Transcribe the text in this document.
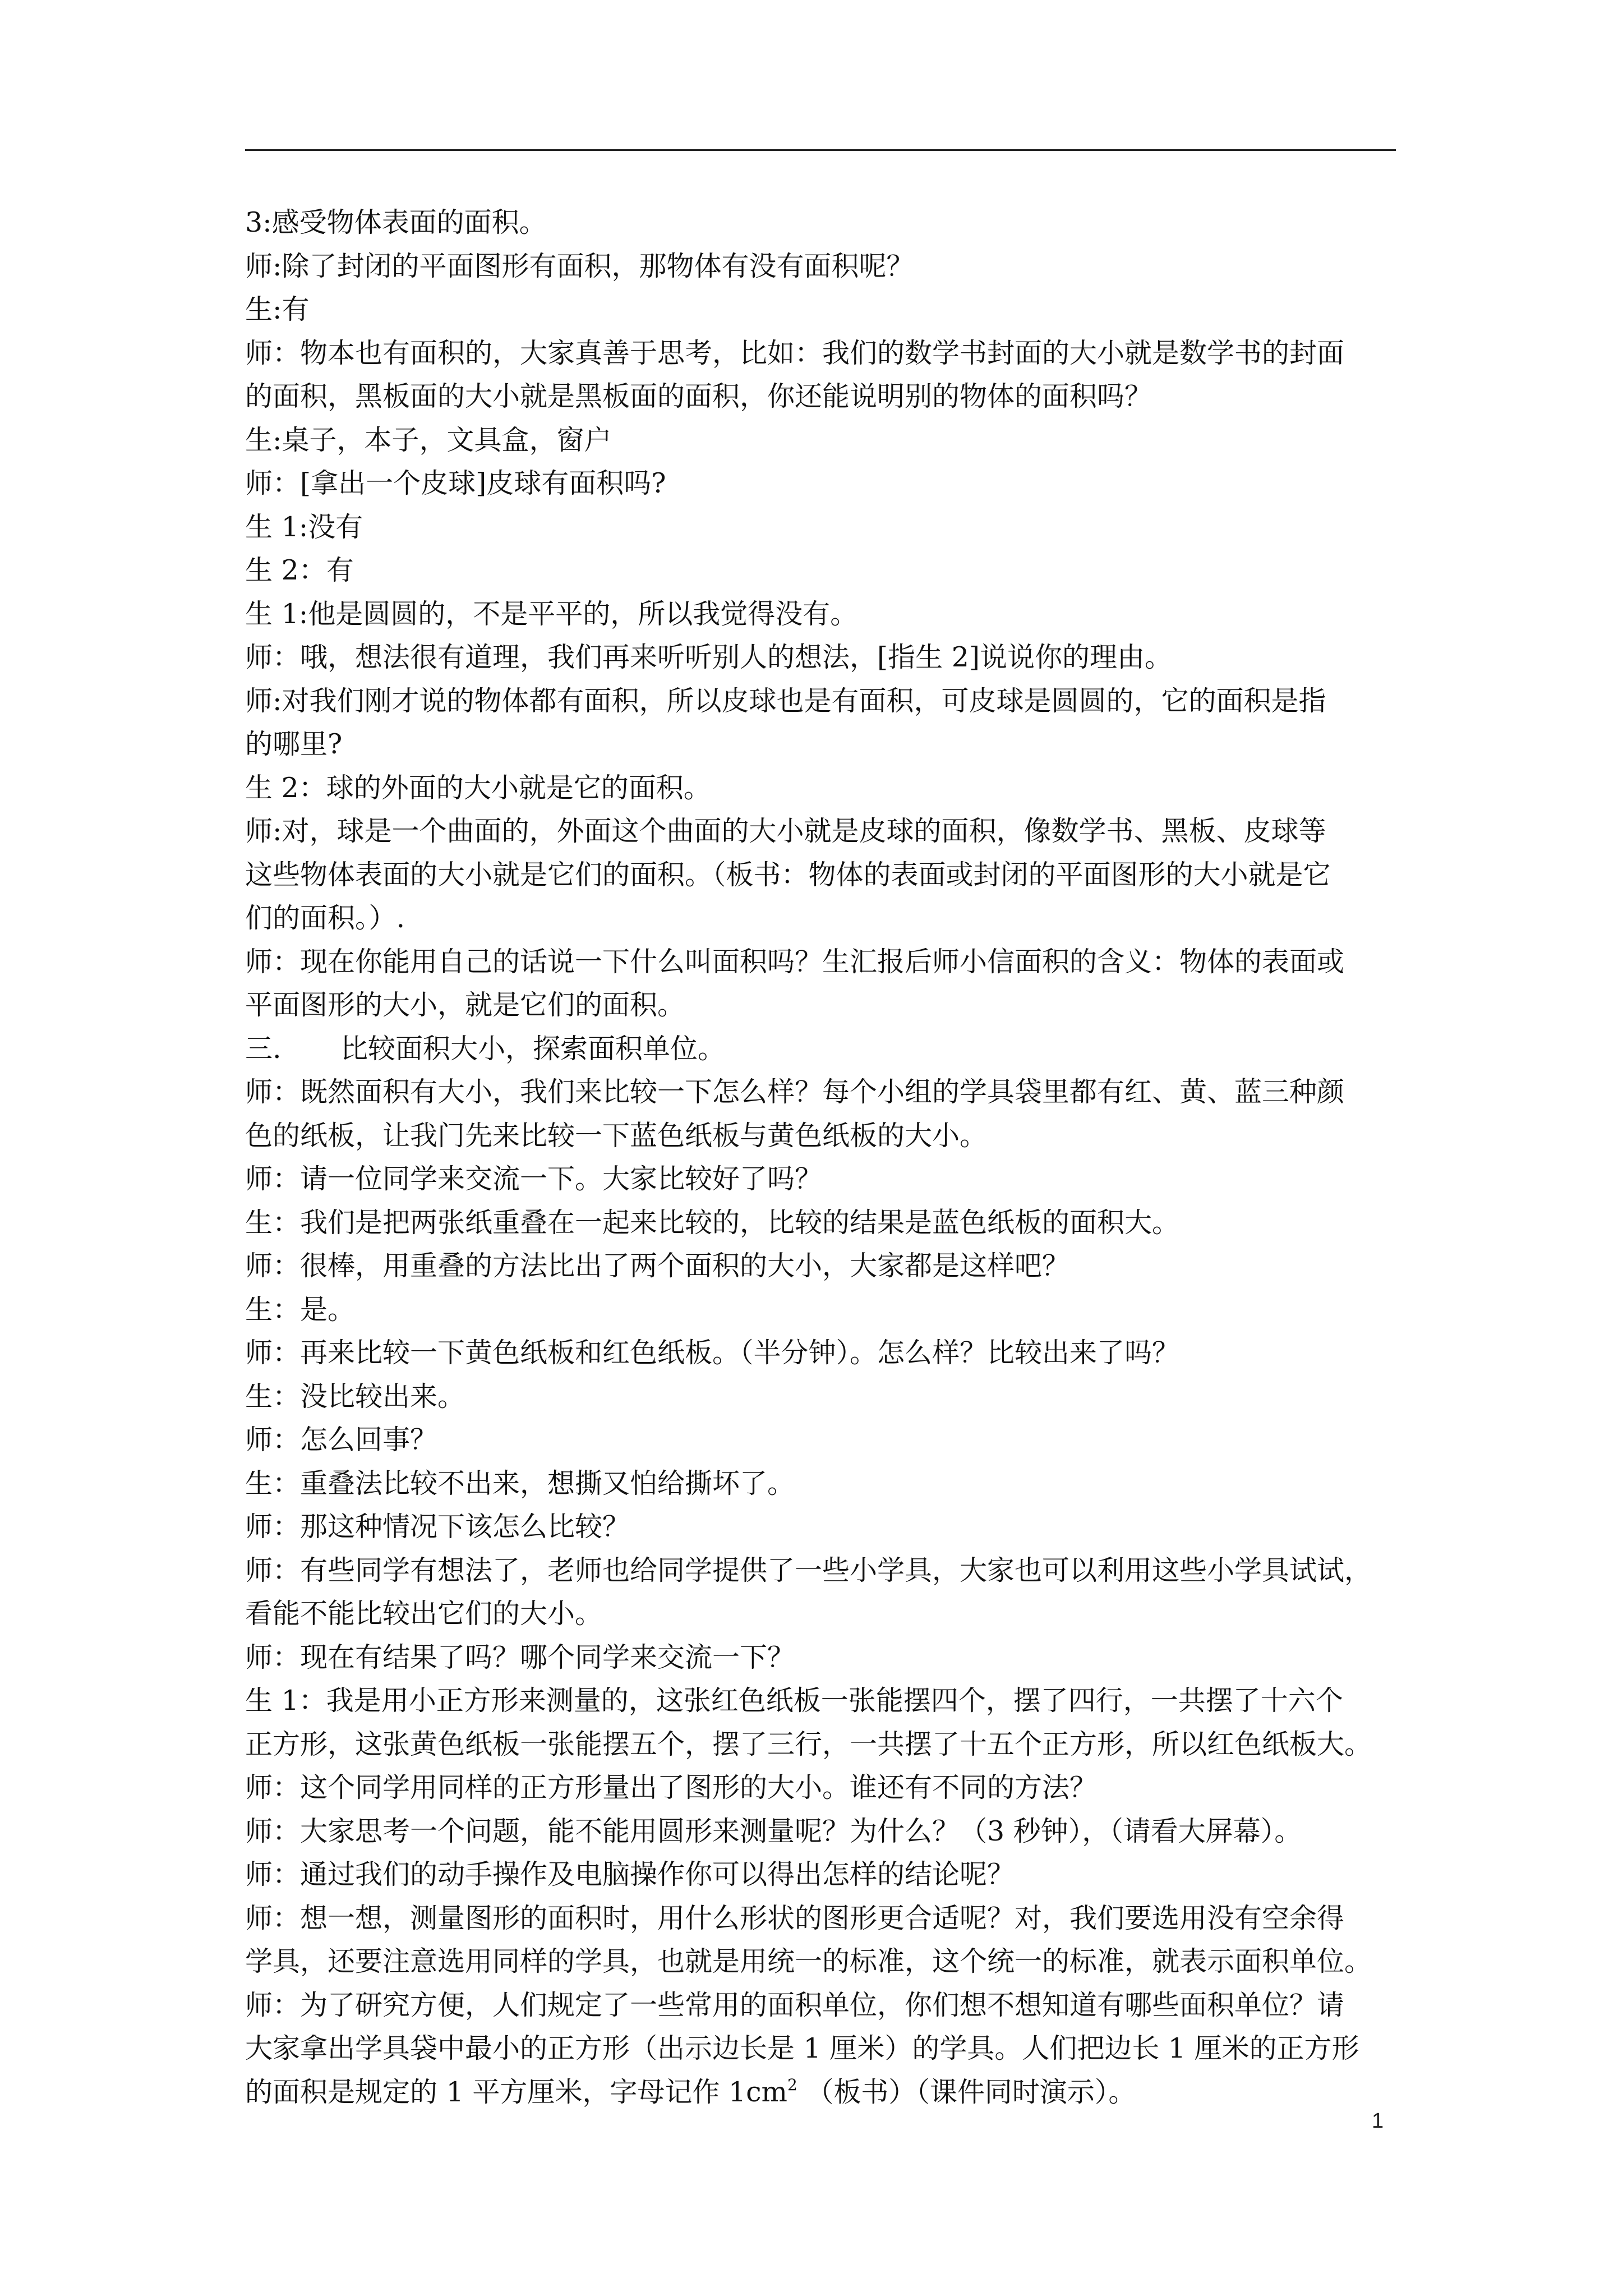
3:感受物体表面的面积。
师:除了封闭的平面图形有面积，那物体有没有面积呢？
生:有
师：物本也有面积的，大家真善于思考，比如：我们的数学书封面的大小就是数学书的封面
的面积，黑板面的大小就是黑板面的面积，你还能说明别的物体的面积吗？
生:桌子，本子，文具盒，窗户
师：[拿出一个皮球]皮球有面积吗?
生 1:没有
生 2：有
生 1:他是圆圆的，不是平平的，所以我觉得没有。
师：哦，想法很有道理，我们再来听听别人的想法，[指生 2]说说你的理由。
师:对我们刚才说的物体都有面积，所以皮球也是有面积，可皮球是圆圆的，它的面积是指
的哪里?
生 2：球的外面的大小就是它的面积。
师:对，球是一个曲面的，外面这个曲面的大小就是皮球的面积，像数学书、黑板、皮球等
这些物体表面的大小就是它们的面积。（板书：物体的表面或封闭的平面图形的大小就是它
们的面积。）.
师：现在你能用自己的话说一下什么叫面积吗？生汇报后师小信面积的含义：物体的表面或
平面图形的大小，就是它们的面积。
三. 比较面积大小，探索面积单位。
师：既然面积有大小，我们来比较一下怎么样？每个小组的学具袋里都有红、黄、蓝三种颜
色的纸板，让我门先来比较一下蓝色纸板与黄色纸板的大小。
师：请一位同学来交流一下。大家比较好了吗？
生：我们是把两张纸重叠在一起来比较的，比较的结果是蓝色纸板的面积大。
师：很棒，用重叠的方法比出了两个面积的大小，大家都是这样吧？
生：是。
师：再来比较一下黄色纸板和红色纸板。（半分钟）。怎么样？比较出来了吗？
生：没比较出来。
师：怎么回事？
生：重叠法比较不出来，想撕又怕给撕坏了。
师：那这种情况下该怎么比较？
师：有些同学有想法了，老师也给同学提供了一些小学具，大家也可以利用这些小学具试试，
看能不能比较出它们的大小。
师：现在有结果了吗？哪个同学来交流一下？
生 1：我是用小正方形来测量的，这张红色纸板一张能摆四个，摆了四行，一共摆了十六个
正方形，这张黄色纸板一张能摆五个，摆了三行，一共摆了十五个正方形，所以红色纸板大。
师：这个同学用同样的正方形量出了图形的大小。谁还有不同的方法？
师：大家思考一个问题，能不能用圆形来测量呢？为什么？（3 秒钟），（请看大屏幕）。
师：通过我们的动手操作及电脑操作你可以得出怎样的结论呢？
师：想一想，测量图形的面积时，用什么形状的图形更合适呢？对，我们要选用没有空余得
学具，还要注意选用同样的学具，也就是用统一的标准，这个统一的标准，就表示面积单位。
师：为了研究方便，人们规定了一些常用的面积单位，你们想不想知道有哪些面积单位？请
大家拿出学具袋中最小的正方形（出示边长是 1 厘米）的学具。人们把边长 1 厘米的正方形
的面积是规定的 1 平方厘米，字母记作 $1cm^2$ （板书）（课件同时演示）。
1
